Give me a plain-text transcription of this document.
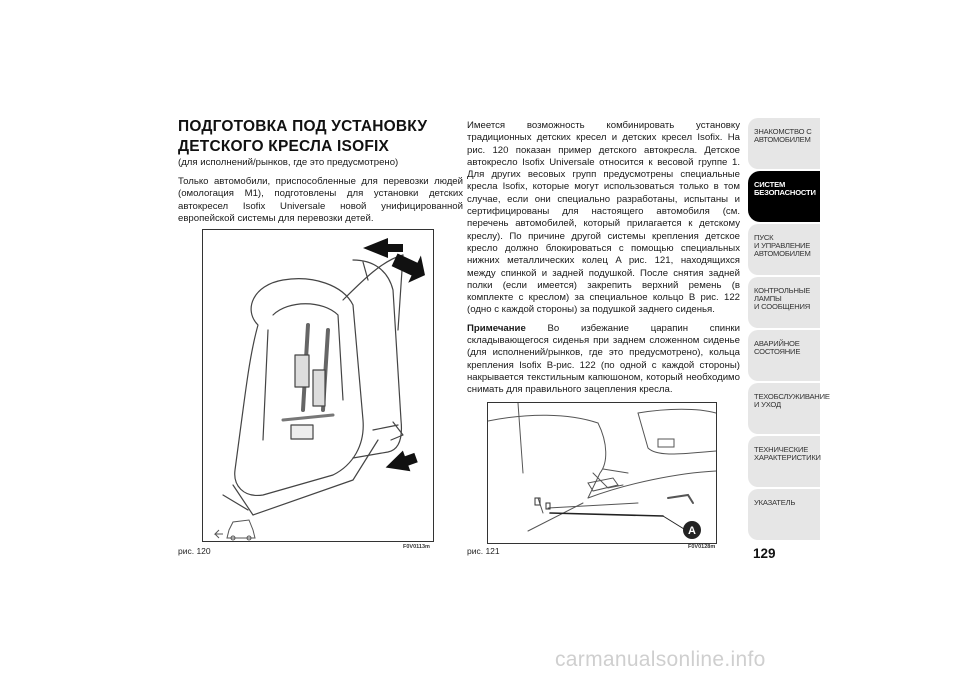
ПОДГОТОВКА ПОД УСТАНОВКУ ДЕТСКОГО КРЕСЛА ISOFIX
(для исполнений/рынков, где это предусмотрено)
Только автомобили, приспособленные для перевозки людей (омологация M1), подготовлены для установки детских автокресел Isofix Universale новой унифицированной европейской системы для перевозки детей.
рис. 120	F0V0113m

Имеется возможность комбинировать установку традиционных детских кресел и детских кресел Isofix. На рис. 120 показан пример детского автокресла. Детское автокресло Isofix Universale относится к весовой группе 1. Для других весовых групп предусмотрены специальные кресла Isofix, которые могут использоваться только в том случае, если они специально разработаны, испытаны и сертифицированы для настоящего автомобиля (см. перечень автомобилей, который прилагается к детскому креслу). По причине другой системы крепления детское кресло должно блокироваться с помощью специальных нижних металлических колец A рис. 121, находящихся между спинкой и задней подушкой. После снятия задней полки (если имеется) закрепить верхний ремень (в комплекте с креслом) за специальное кольцо B рис. 122 (одно с каждой стороны) за подушкой заднего сиденья.

Примечание Во избежание царапин спинки складывающегося сиденья при заднем сложенном сиденье (для исполнений/рынков, где это предусмотрено), кольца крепления Isofix B-рис. 122 (по одной с каждой стороны) накрывается текстильным капюшоном, который необходимо снимать для правильного зацепления кресла.

A
рис. 121	F0V0128m
ЗНАКОМСТВО С
АВТОМОБИЛЕМ
СИСТЕМ
БЕЗОПАСНОСТИ
ПУСК
И УПРАВЛЕНИЕ
АВТОМОБИЛЕМ
КОНТРОЛЬНЫЕ
ЛАМПЫ
И СООБЩЕНИЯ
АВАРИЙНОЕ
СОСТОЯНИЕ
ТЕХОБСЛУЖИВАНИЕ
И УХОД
ТЕХНИЧЕСКИЕ
ХАРАКТЕРИСТИКИ
УКАЗАТЕЛЬ
129
carmanualsonline.info
